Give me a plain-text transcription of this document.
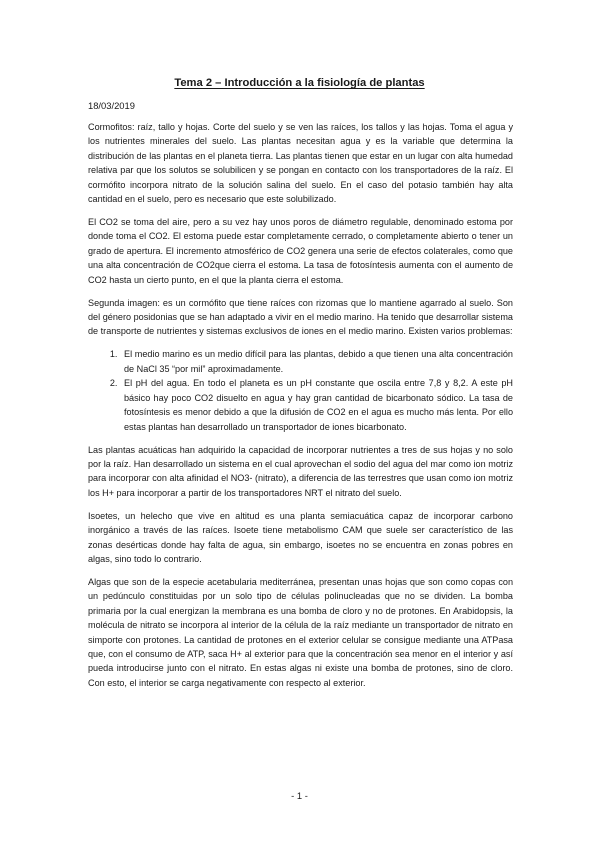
Tema 2 – Introducción a la fisiología de plantas
18/03/2019

Cormofitos: raíz, tallo y hojas. Corte del suelo y se ven las raíces, los tallos y las hojas. Toma el agua y los nutrientes minerales del suelo. Las plantas necesitan agua y es la variable que determina la distribución de las plantas en el planeta tierra. Las plantas tienen que estar en un lugar con alta humedad relativa par que los solutos se solubilicen y se pongan en contacto con los transportadores de la raíz. El cormófito incorpora nitrato de la solución salina del suelo. En el caso del potasio también hay alta cantidad en el suelo, pero es necesario que este solubilizado.

El CO2 se toma del aire, pero a su vez hay unos poros de diámetro regulable, denominado estoma por donde toma el CO2. El estoma puede estar completamente cerrado, o completamente abierto o tener un grado de apertura. El incremento atmosférico de CO2 genera una serie de efectos colaterales, como que una alta concentración de CO2que cierra el estoma. La tasa de fotosíntesis aumenta con el aumento de CO2 hasta un cierto punto, en el que la planta cierra el estoma.

Segunda imagen: es un cormófito que tiene raíces con rizomas que lo mantiene agarrado al suelo. Son del género posidonias que se han adaptado a vivir en el medio marino. Ha tenido que desarrollar sistema de transporte de nutrientes y sistemas exclusivos de iones en el medio marino. Existen varios problemas:

1. El medio marino es un medio difícil para las plantas, debido a que tienen una alta concentración de NaCl 35 “por mil” aproximadamente.
2. El pH del agua. En todo el planeta es un pH constante que oscila entre 7,8 y 8,2. A este pH básico hay poco CO2 disuelto en agua y hay gran cantidad de bicarbonato sódico. La tasa de fotosíntesis es menor debido a que la difusión de CO2 en el agua es mucho más lenta. Por ello estas plantas han desarrollado un transportador de iones bicarbonato.

Las plantas acuáticas han adquirido la capacidad de incorporar nutrientes a tres de sus hojas y no solo por la raíz. Han desarrollado un sistema en el cual aprovechan el sodio del agua del mar como ion motriz para incorporar con alta afinidad el NO3- (nitrato), a diferencia de las terrestres que usan como ion motriz los H+ para incorporar a partir de los transportadores NRT el nitrato del suelo.

Isoetes, un helecho que vive en altitud es una planta semiacuática capaz de incorporar carbono inorgánico a través de las raíces. Isoete tiene metabolismo CAM que suele ser característico de las zonas desérticas donde hay falta de agua, sin embargo, isoetes no se encuentra en zonas pobres en algas, sino todo lo contrario.

Algas que son de la especie acetabularia mediterránea, presentan unas hojas que son como copas con un pedúnculo constituidas por un solo tipo de células polinucleadas que no se dividen. La bomba primaria por la cual energizan la membrana es una bomba de cloro y no de protones. En Arabidopsis, la molécula de nitrato se incorpora al interior de la célula de la raíz mediante un transportador de nitrato en simporte con protones. La cantidad de protones en el exterior celular se consigue mediante una ATPasa que, con el consumo de ATP, saca H+ al exterior para que la concentración sea menor en el interior y así pueda introducirse junto con el nitrato. En estas algas ni existe una bomba de protones, sino de cloro. Con esto, el interior se carga negativamente con respecto al exterior.

- 1 -
